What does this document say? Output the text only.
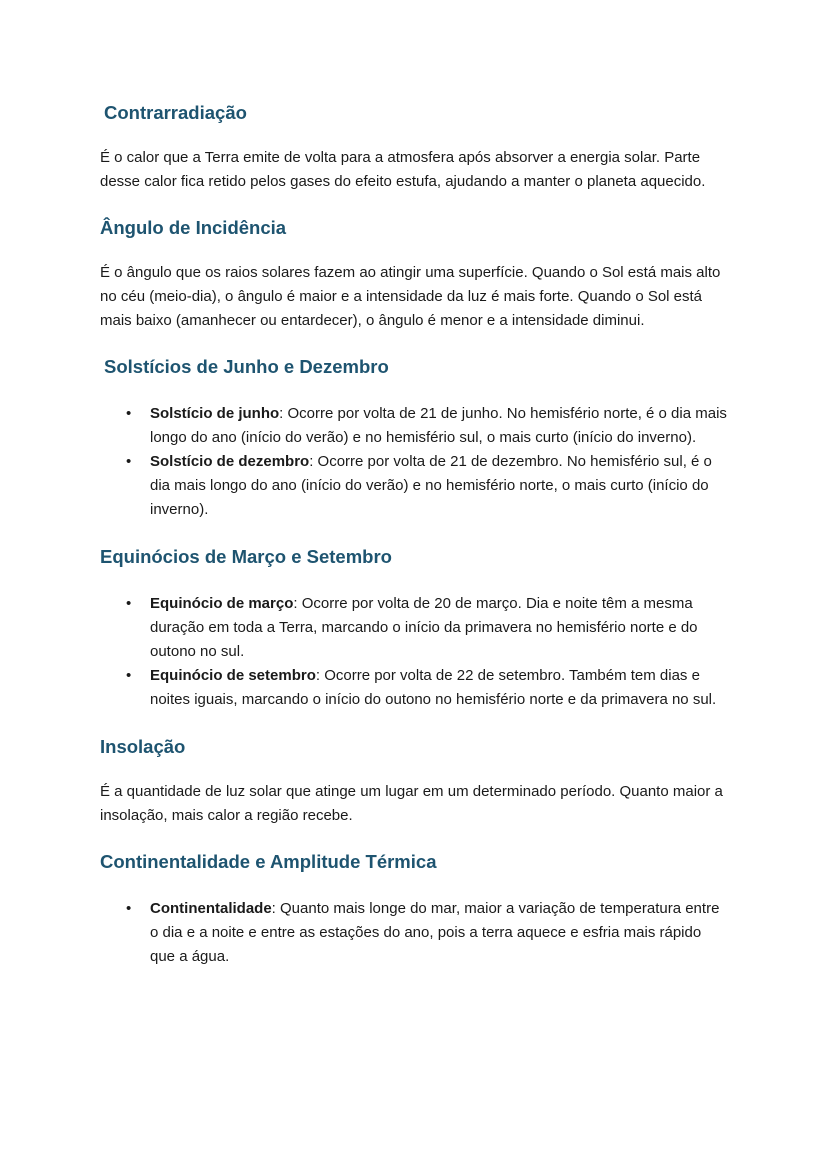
Contrarradiação

É o calor que a Terra emite de volta para a atmosfera após absorver a energia solar. Parte desse calor fica retido pelos gases do efeito estufa, ajudando a manter o planeta aquecido.

Ângulo de Incidência

É o ângulo que os raios solares fazem ao atingir uma superfície. Quando o Sol está mais alto no céu (meio-dia), o ângulo é maior e a intensidade da luz é mais forte. Quando o Sol está mais baixo (amanhecer ou entardecer), o ângulo é menor e a intensidade diminui.

Solstícios de Junho e Dezembro
• Solstício de junho: Ocorre por volta de 21 de junho. No hemisfério norte, é o dia mais longo do ano (início do verão) e no hemisfério sul, o mais curto (início do inverno).
• Solstício de dezembro: Ocorre por volta de 21 de dezembro. No hemisfério sul, é o dia mais longo do ano (início do verão) e no hemisfério norte, o mais curto (início do inverno).
Equinócios de Março e Setembro
• Equinócio de março: Ocorre por volta de 20 de março. Dia e noite têm a mesma duração em toda a Terra, marcando o início da primavera no hemisfério norte e do outono no sul.
• Equinócio de setembro: Ocorre por volta de 22 de setembro. Também tem dias e noites iguais, marcando o início do outono no hemisfério norte e da primavera no sul.
Insolação

É a quantidade de luz solar que atinge um lugar em um determinado período. Quanto maior a insolação, mais calor a região recebe.

Continentalidade e Amplitude Térmica
• Continentalidade: Quanto mais longe do mar, maior a variação de temperatura entre o dia e a noite e entre as estações do ano, pois a terra aquece e esfria mais rápido que a água.
